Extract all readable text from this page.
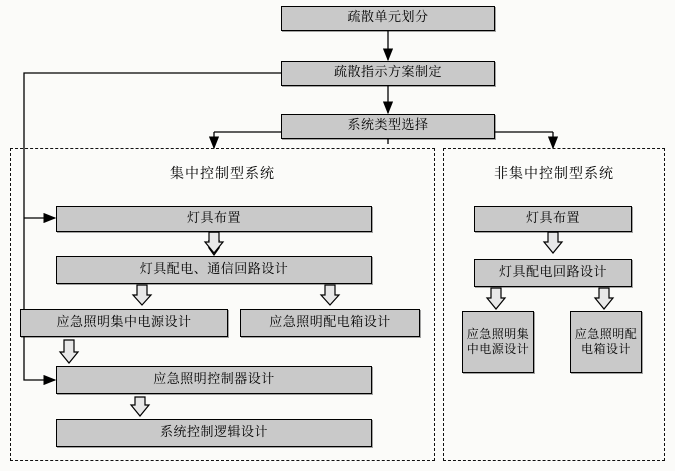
疏散单元划分
疏散指示方案制定
系统类型选择
集中控制型系统	非集中控制型系统
灯具布置
灯具配电、通信回路设计
应急照明集中电源设计	应急照明配电箱设计
应急照明控制器设计
系统控制逻辑设计
灯具布置
灯具配电回路设计
应急照明集中电源设计
应急照明配电箱设计
